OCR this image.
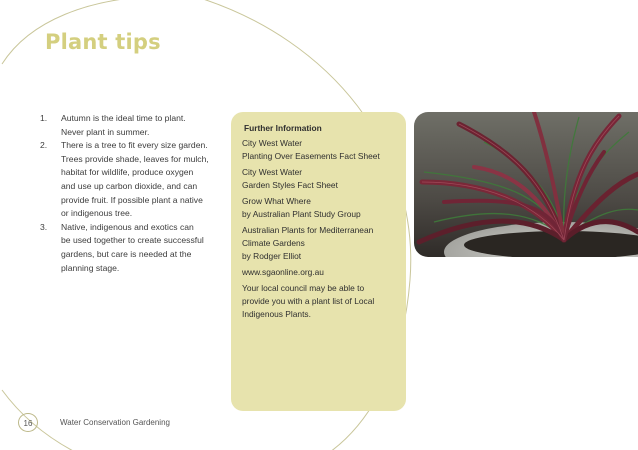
Plant tips
1. Autumn is the ideal time to plant.
Never plant in summer.
2. There is a tree to fit every size garden.
Trees provide shade, leaves for mulch,
habitat for wildlife, produce oxygen
and use up carbon dioxide, and can
provide fruit. If possible plant a native
or indigenous tree.
3. Native, indigenous and exotics can
be used together to create successful
gardens, but care is needed at the
planning stage.
Further Information
City West Water
Planting Over Easements Fact Sheet
City West Water
Garden Styles Fact Sheet
Grow What Where
by Australian Plant Study Group
Australian Plants for Mediterranean
Climate Gardens
by Rodger Elliot
www.sgaonline.org.au
Your local council may be able to
provide you with a plant list of Local
Indigenous Plants.
16	Water Conservation Gardening
